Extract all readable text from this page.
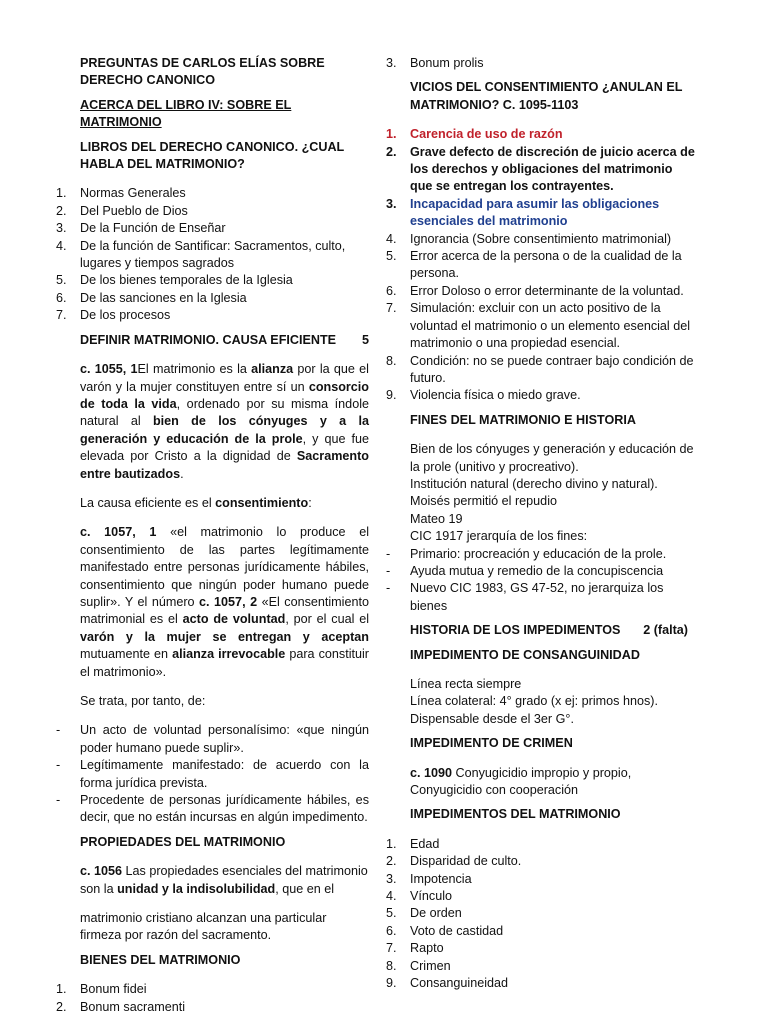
PREGUNTAS DE CARLOS ELÍAS SOBRE DERECHO CANONICO

ACERCA DEL LIBRO IV: SOBRE EL MATRIMONIO

LIBROS DEL DERECHO CANONICO. ¿CUAL HABLA DEL MATRIMONIO?

1. Normas Generales
2. Del Pueblo de Dios
3. De la Función de Enseñar
4. De la función de Santificar: Sacramentos, culto, lugares y tiempos sagrados
5. De los bienes temporales de la Iglesia
6. De las sanciones en la Iglesia
7. De los procesos

5
DEFINIR MATRIMONIO. CAUSA EFICIENTE

c. 1055, 1El matrimonio es la alianza por la que el varón y la mujer constituyen entre sí un consorcio de toda la vida, ordenado por su misma índole natural al bien de los cónyuges y a la generación y educación de la prole, y que fue elevada por Cristo a la dignidad de Sacramento entre bautizados.

La causa eficiente es el consentimiento:

c. 1057, 1 «el matrimonio lo produce el consentimiento de las partes legítimamente manifestado entre personas jurídicamente hábiles, consentimiento que ningún poder humano puede suplir». Y el número c. 1057, 2 «El consentimiento matrimonial es el acto de voluntad, por el cual el varón y la mujer se entregan y aceptan mutuamente en alianza irrevocable para constituir el matrimonio».

Se trata, por tanto, de:

- Un acto de voluntad personalísimo: «que ningún poder humano puede suplir».
- Legítimamente manifestado: de acuerdo con la forma jurídica prevista.
- Procedente de personas jurídicamente hábiles, es decir, que no están incursas en algún impedimento.

PROPIEDADES DEL MATRIMONIO

c. 1056 Las propiedades esenciales del matrimonio son la unidad y la indisolubilidad, que en el

matrimonio cristiano alcanzan una particular firmeza por razón del sacramento.

BIENES DEL MATRIMONIO

1. Bonum fidei
2. Bonum sacramenti
3. Bonum prolis

VICIOS DEL CONSENTIMIENTO ¿ANULAN EL MATRIMONIO? C. 1095-1103

1. Carencia de uso de razón
2. Grave defecto de discreción de juicio acerca de los derechos y obligaciones del matrimonio que se entregan los contrayentes.
3. Incapacidad para asumir las obligaciones esenciales del matrimonio
4. Ignorancia (Sobre consentimiento matrimonial)
5. Error acerca de la persona o de la cualidad de la persona.
6. Error Doloso o error determinante de la voluntad.
7. Simulación: excluir con un acto positivo de la voluntad el matrimonio o un elemento esencial del matrimonio o una propiedad esencial.
8. Condición: no se puede contraer bajo condición de futuro.
9. Violencia física o miedo grave.

FINES DEL MATRIMONIO E HISTORIA

Bien de los cónyuges y generación y educación de la prole (unitivo y procreativo).
Institución natural (derecho divino y natural).
Moisés permitió el repudio
Mateo 19
CIC 1917 jerarquía de los fines:
- Primario: procreación y educación de la prole.
- Ayuda mutua y remedio de la concupiscencia
- Nuevo CIC 1983, GS 47-52, no jerarquiza los bienes

2 (falta)
HISTORIA DE LOS IMPEDIMENTOS

IMPEDIMENTO DE CONSANGUINIDAD

Línea recta siempre
Línea colateral: 4° grado (x ej: primos hnos).
Dispensable desde el 3er G°.

IMPEDIMENTO DE CRIMEN

c. 1090 Conyugicidio impropio y propio,

Conyugicidio con cooperación

IMPEDIMENTOS DEL MATRIMONIO

1. Edad
2. Disparidad de culto.
3. Impotencia
4. Vínculo
5. De orden
6. Voto de castidad
7. Rapto
8. Crimen
9. Consanguineidad
